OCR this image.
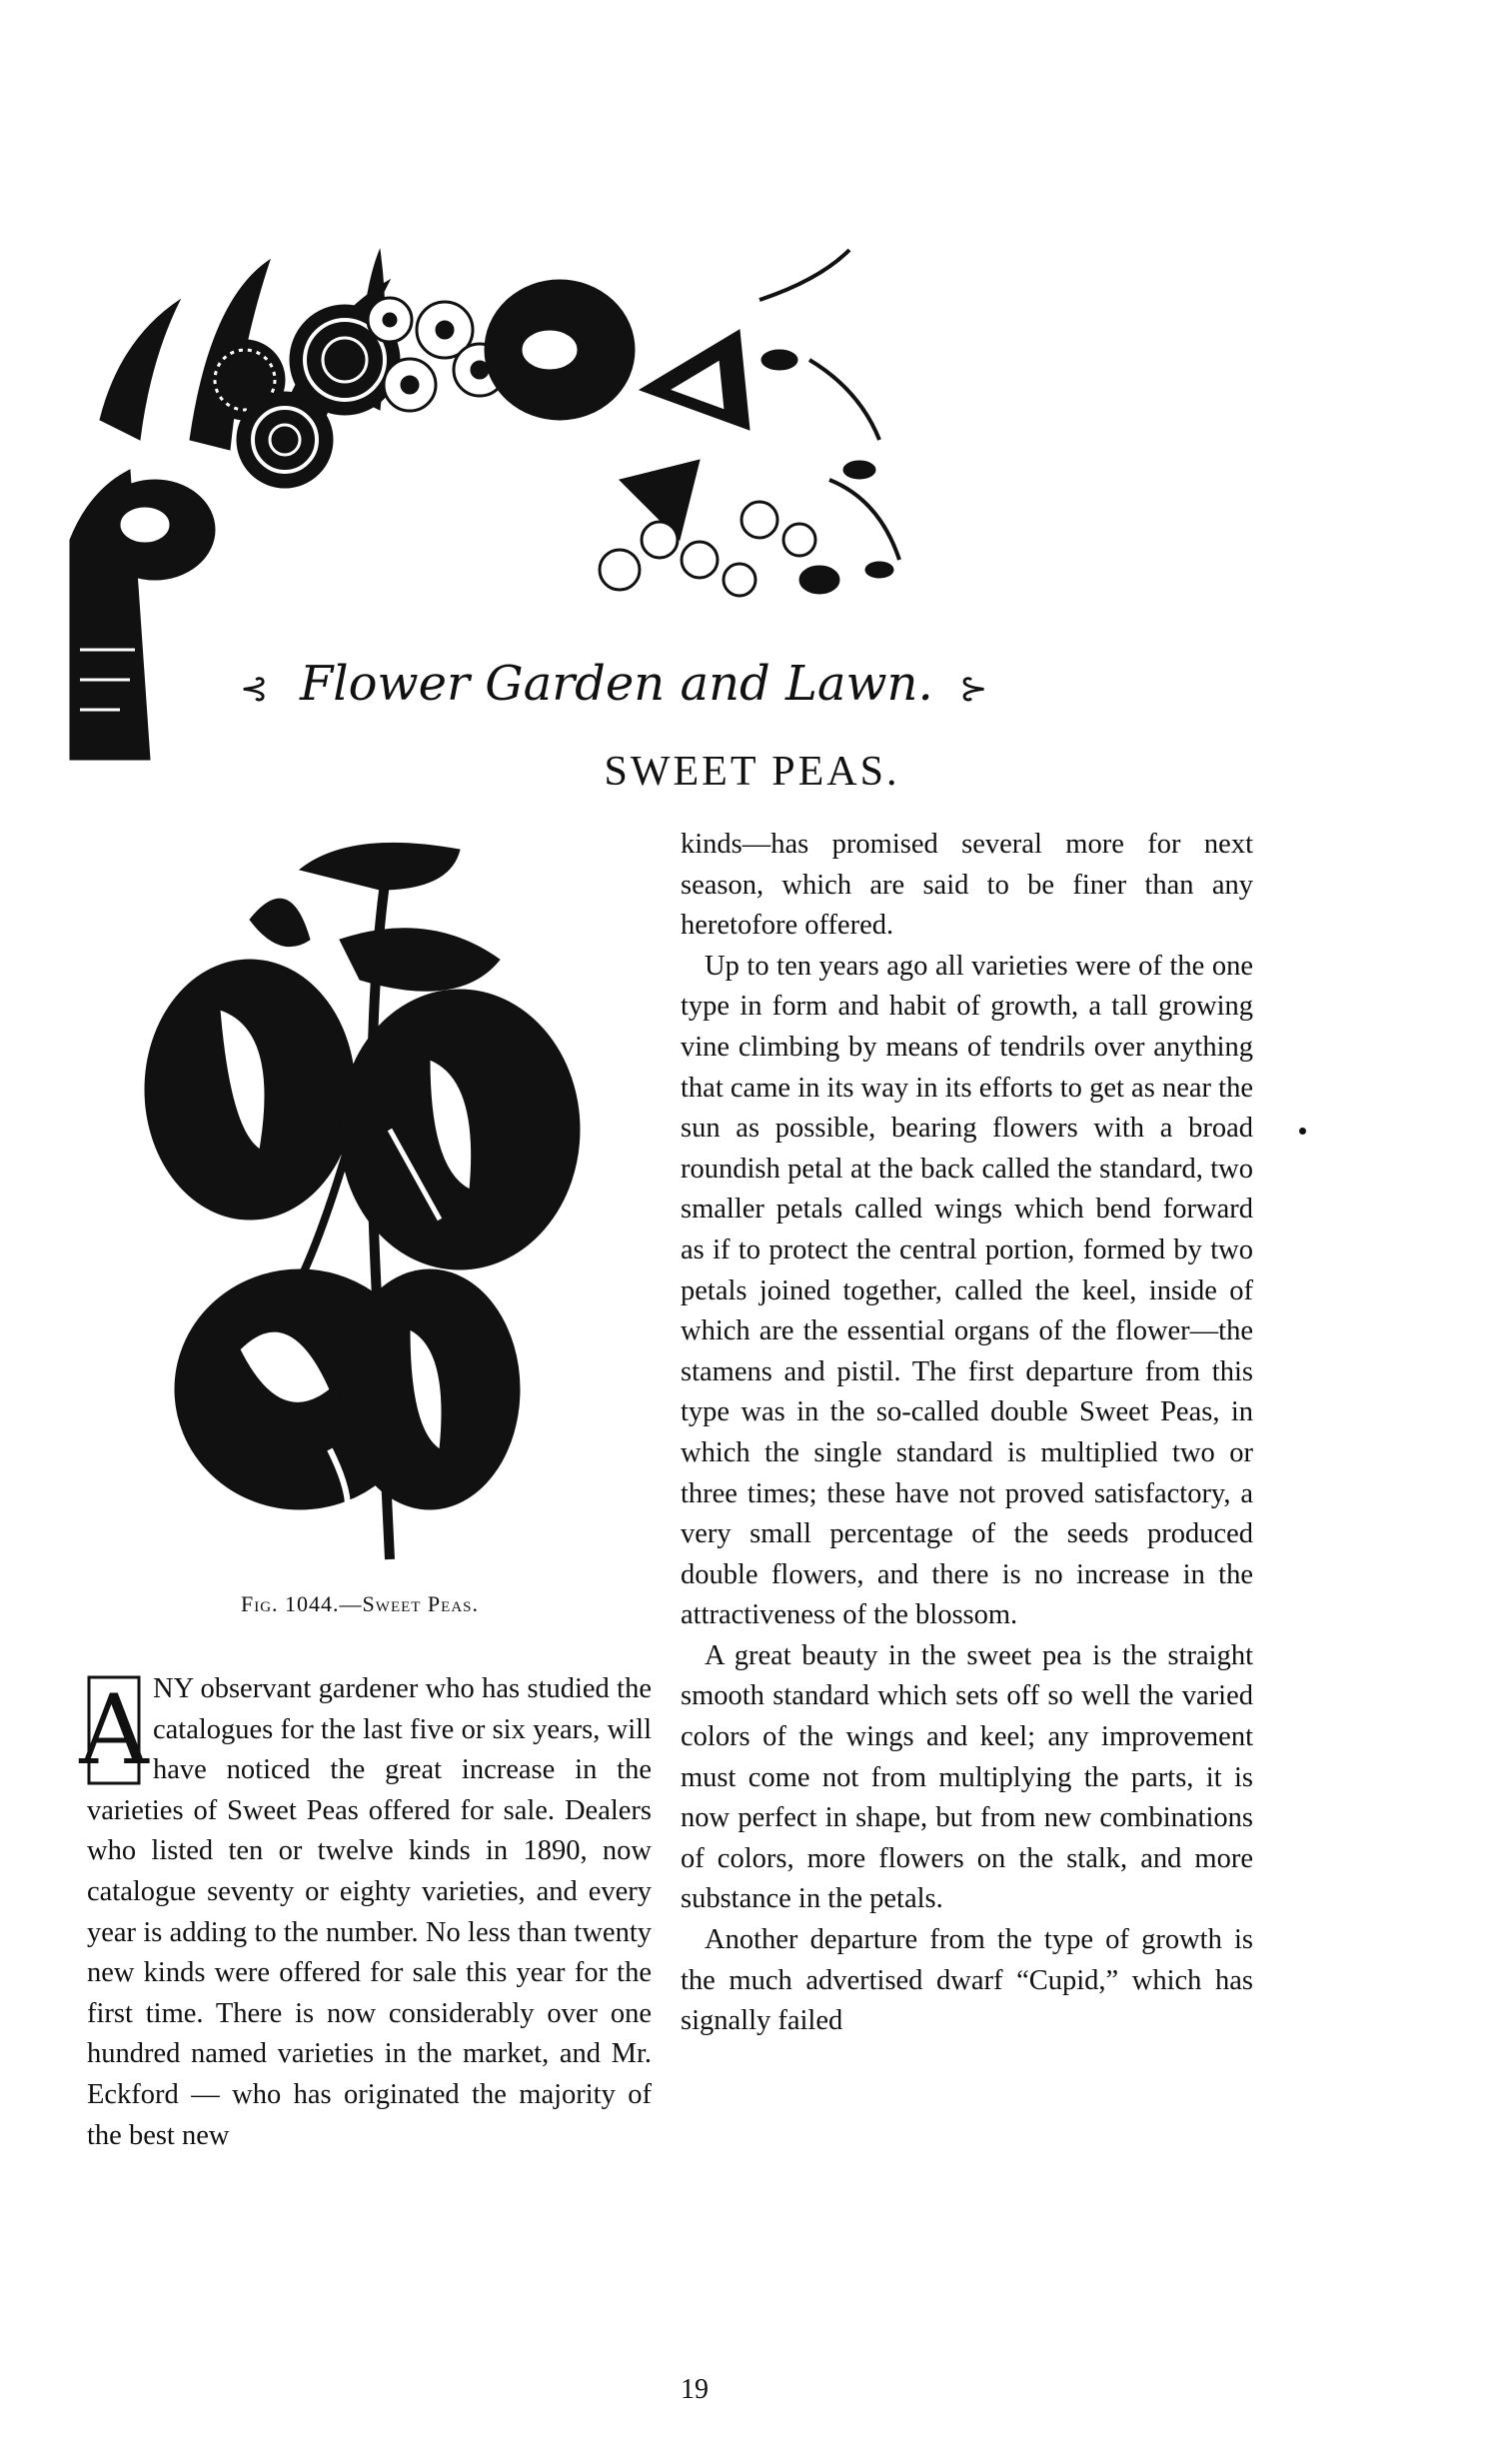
⊰ Flower Garden and Lawn. ⊱
SWEET PEAS.
Fig. 1044.—Sweet Peas.
A NY observant gardener who has studied the catalogues for the last five or six years, will have noticed the great increase in the varieties of Sweet Peas offered for sale. Dealers who listed ten or twelve kinds in 1890, now catalogue seventy or eighty varieties, and every year is adding to the number. No less than twenty new kinds were offered for sale this year for the first time. There is now considerably over one hundred named varieties in the market, and Mr. Eckford — who has originated the majority of the best new

kinds—has promised several more for next season, which are said to be finer than any heretofore offered.

Up to ten years ago all varieties were of the one type in form and habit of growth, a tall growing vine climbing by means of tendrils over anything that came in its way in its efforts to get as near the sun as possible, bearing flowers with a broad roundish petal at the back called the standard, two smaller petals called wings which bend forward as if to protect the central portion, formed by two petals joined together, called the keel, inside of which are the essential organs of the flower—the stamens and pistil. The first departure from this type was in the so-called double Sweet Peas, in which the single standard is multiplied two or three times; these have not proved satisfactory, a very small percentage of the seeds produced double flowers, and there is no increase in the attractiveness of the blossom.

A great beauty in the sweet pea is the straight smooth standard which sets off so well the varied colors of the wings and keel; any improvement must come not from multiplying the parts, it is now perfect in shape, but from new combinations of colors, more flowers on the stalk, and more substance in the petals.

Another departure from the type of growth is the much advertised dwarf “Cupid,” which has signally failed

19
